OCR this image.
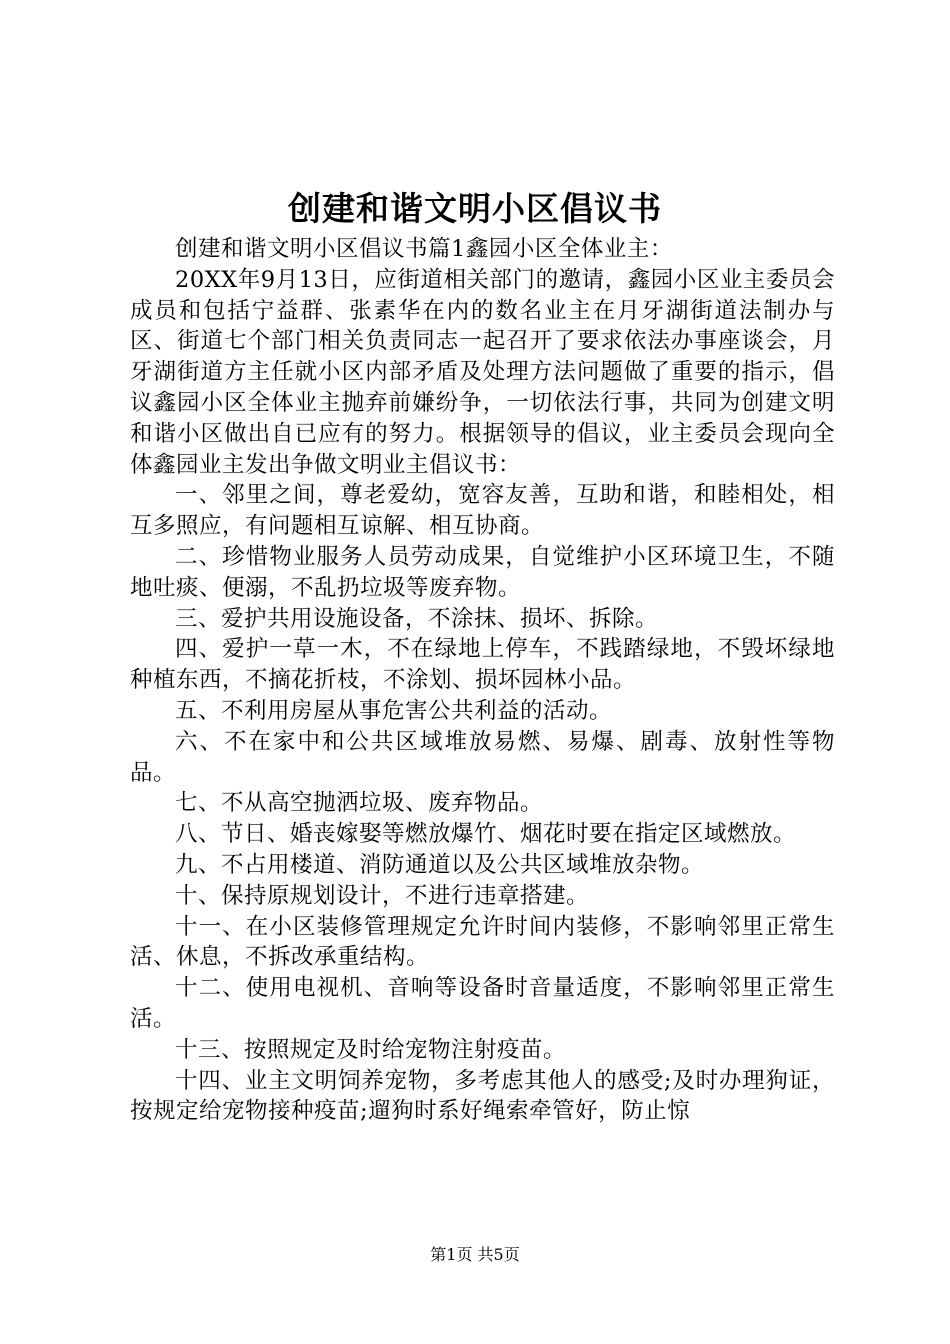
创建和谐文明小区倡议书

创建和谐文明小区倡议书篇1鑫园小区全体业主：

20XX年9月13日，应街道相关部门的邀请，鑫园小区业主委员会成员和包括宁益群、张素华在内的数名业主在月牙湖街道法制办与区、街道七个部门相关负责同志一起召开了要求依法办事座谈会，月牙湖街道方主任就小区内部矛盾及处理方法问题做了重要的指示，倡议鑫园小区全体业主抛弃前嫌纷争，一切依法行事，共同为创建文明和谐小区做出自已应有的努力。根据领导的倡议，业主委员会现向全体鑫园业主发出争做文明业主倡议书：

一、邻里之间，尊老爱幼，宽容友善，互助和谐，和睦相处，相互多照应，有问题相互谅解、相互协商。

二、珍惜物业服务人员劳动成果，自觉维护小区环境卫生，不随地吐痰、便溺，不乱扔垃圾等废弃物。

三、爱护共用设施设备，不涂抹、损坏、拆除。

四、爱护一草一木，不在绿地上停车，不践踏绿地，不毁坏绿地种植东西，不摘花折枝，不涂划、损坏园林小品。

五、不利用房屋从事危害公共利益的活动。

六、不在家中和公共区域堆放易燃、易爆、剧毒、放射性等物品。

七、不从高空抛洒垃圾、废弃物品。

八、节日、婚丧嫁娶等燃放爆竹、烟花时要在指定区域燃放。

九、不占用楼道、消防通道以及公共区域堆放杂物。

十、保持原规划设计，不进行违章搭建。

十一、在小区装修管理规定允许时间内装修，不影响邻里正常生活、休息，不拆改承重结构。

十二、使用电视机、音响等设备时音量适度，不影响邻里正常生活。

十三、按照规定及时给宠物注射疫苗。

十四、业主文明饲养宠物，多考虑其他人的感受;及时办理狗证，按规定给宠物接种疫苗;遛狗时系好绳索牵管好，防止惊

第1页 共5页
